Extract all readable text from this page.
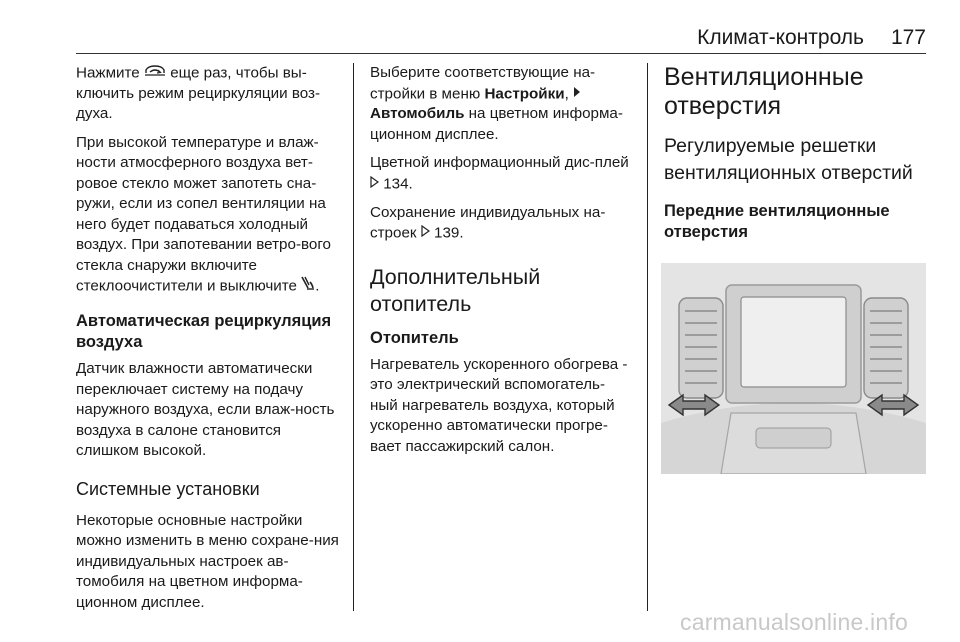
Климат-контроль 177

Нажмите  еще раз, чтобы вы-ключить режим рециркуляции воз-духа.

При высокой температуре и влаж-ности атмосферного воздуха вет-ровое стекло может запотеть сна-ружи, если из сопел вентиляции на него будет подаваться холодный воздух. При запотевании ветро-вого стекла снаружи включите стеклоочистители и выключите .

Автоматическая рециркуляция воздуха

Датчик влажности автоматически переключает систему на подачу наружного воздуха, если влаж-ность воздуха в салоне становится слишком высокой.

Системные установки

Некоторые основные настройки можно изменить в меню сохране-ния индивидуальных настроек ав-томобиля на цветном информа-ционном дисплее.

Выберите соответствующие на-стройки в меню Настройки,
Автомобиль на цветном информа-ционном дисплее.

Цветной информационный дис-плей  134.

Сохранение индивидуальных на-строек  139.

Дополнительный отопитель
Отопитель

Нагреватель ускоренного обогрева - это электрический вспомогатель-ный нагреватель воздуха, который ускоренно автоматически прогре-вает пассажирский салон.

Вентиляционные отверстия
Регулируемые решетки вентиляционных отверстий
Передние вентиляционные отверстия
carmanualsonline.info
